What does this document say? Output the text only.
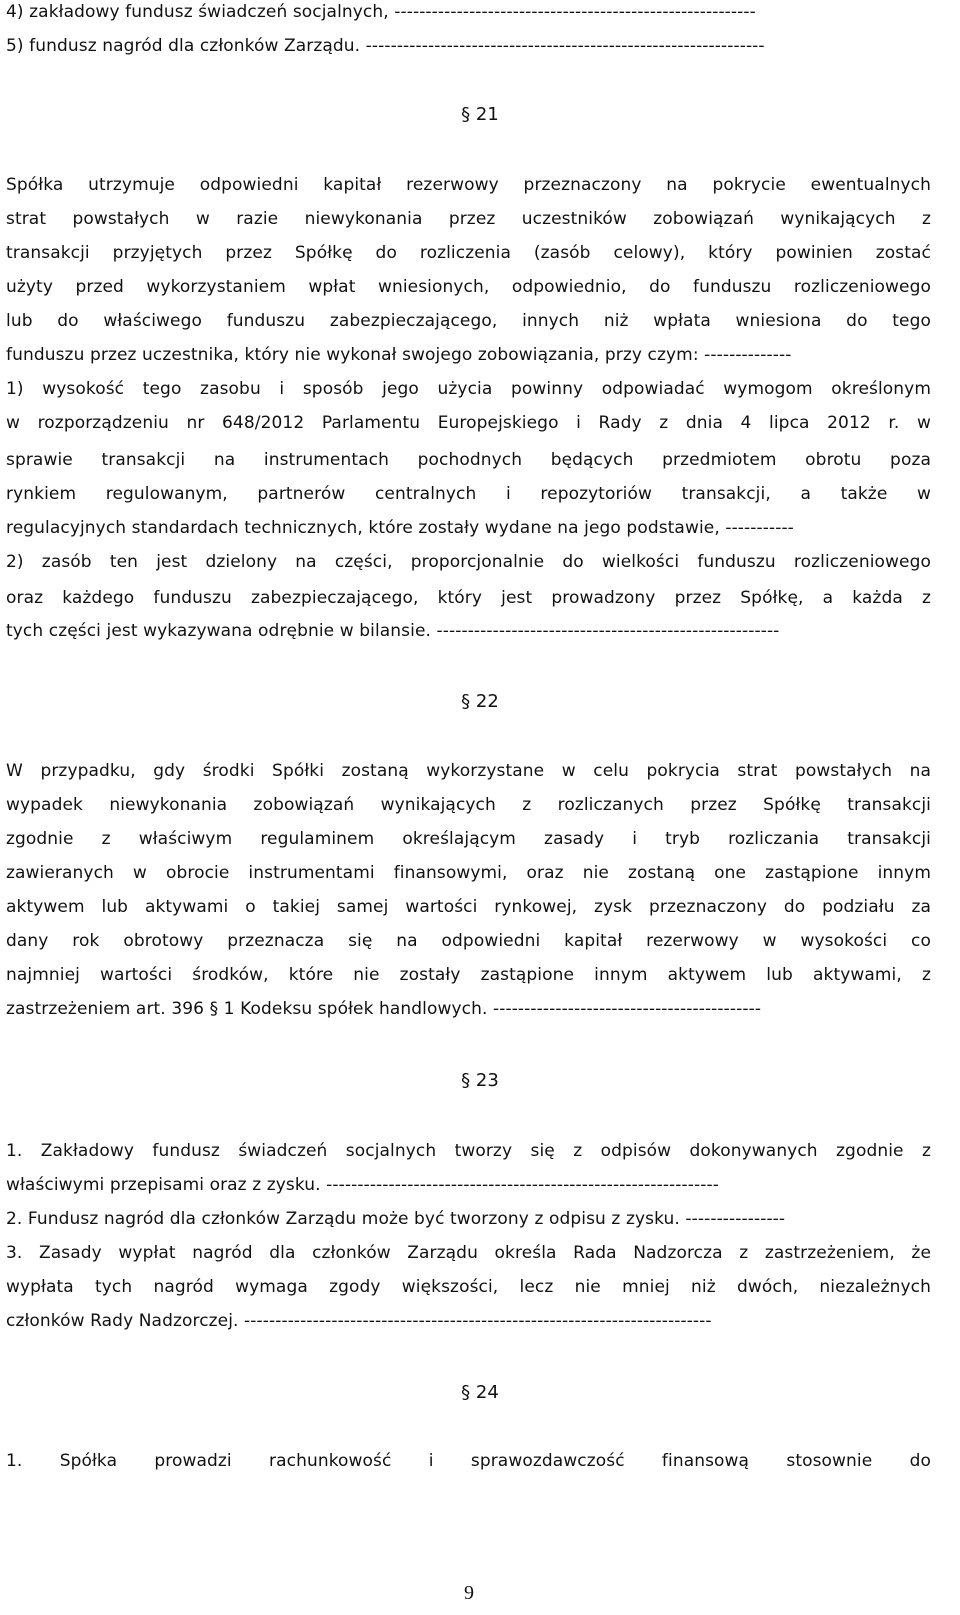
4) zakładowy fundusz świadczeń socjalnych, ----------------------------------------------------------
5) fundusz nagród dla członków Zarządu. ----------------------------------------------------------------
§ 21
Spółka utrzymuje odpowiedni kapitał rezerwowy przeznaczony na pokrycie ewentualnych
strat powstałych w razie niewykonania przez uczestników zobowiązań wynikających z
transakcji przyjętych przez Spółkę do rozliczenia (zasób celowy), który powinien zostać
użyty przed wykorzystaniem wpłat wniesionych, odpowiednio, do funduszu rozliczeniowego
lub do właściwego funduszu zabezpieczającego, innych niż wpłata wniesiona do tego
funduszu przez uczestnika, który nie wykonał swojego zobowiązania, przy czym: --------------
1) wysokość tego zasobu i sposób jego użycia powinny odpowiadać wymogom określonym
w rozporządzeniu nr 648/2012 Parlamentu Europejskiego i Rady z dnia 4 lipca 2012 r. w
sprawie transakcji na instrumentach pochodnych będących przedmiotem obrotu poza
rynkiem regulowanym, partnerów centralnych i repozytoriów transakcji, a także w
regulacyjnych standardach technicznych, które zostały wydane na jego podstawie, -----------
2) zasób ten jest dzielony na części, proporcjonalnie do wielkości funduszu rozliczeniowego
oraz każdego funduszu zabezpieczającego, który jest prowadzony przez Spółkę, a każda z
tych części jest wykazywana odrębnie w bilansie. -------------------------------------------------------
§ 22
W przypadku, gdy środki Spółki zostaną wykorzystane w celu pokrycia strat powstałych na
wypadek niewykonania zobowiązań wynikających z rozliczanych przez Spółkę transakcji
zgodnie z właściwym regulaminem określającym zasady i tryb rozliczania transakcji
zawieranych w obrocie instrumentami finansowymi, oraz nie zostaną one zastąpione innym
aktywem lub aktywami o takiej samej wartości rynkowej, zysk przeznaczony do podziału za
dany rok obrotowy przeznacza się na odpowiedni kapitał rezerwowy w wysokości co
najmniej wartości środków, które nie zostały zastąpione innym aktywem lub aktywami, z
zastrzeżeniem art. 396 § 1 Kodeksu spółek handlowych. -------------------------------------------
§ 23
1. Zakładowy fundusz świadczeń socjalnych tworzy się z odpisów dokonywanych zgodnie z
właściwymi przepisami oraz z zysku. ---------------------------------------------------------------
2. Fundusz nagród dla członków Zarządu może być tworzony z odpisu z zysku. ----------------
3. Zasady wypłat nagród dla członków Zarządu określa Rada Nadzorcza z zastrzeżeniem, że
wypłata tych nagród wymaga zgody większości, lecz nie mniej niż dwóch, niezależnych
członków Rady Nadzorczej. ---------------------------------------------------------------------------
§ 24
1. Spółka prowadzi rachunkowość i sprawozdawczość finansową stosownie do
9
